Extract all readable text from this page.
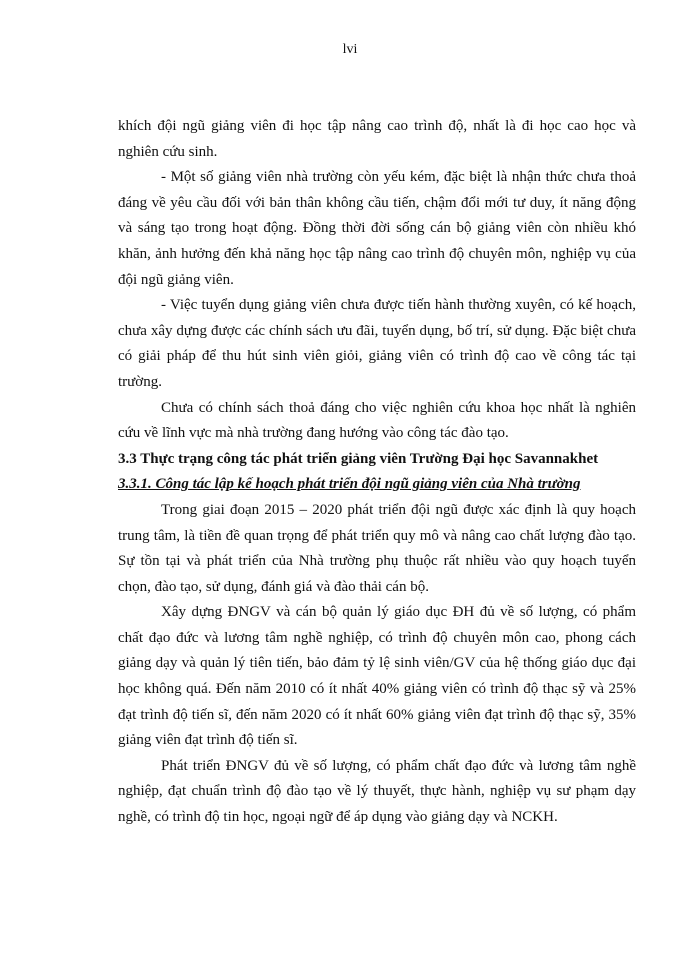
lvi

khích đội ngũ giảng viên đi học tập nâng cao trình độ, nhất là đi học cao học và nghiên cứu sinh.

- Một số giảng viên nhà trường còn yếu kém, đặc biệt là nhận thức chưa thoả đáng về yêu cầu đối với bản thân không cầu tiến, chậm đổi mới tư duy, ít năng động và sáng tạo trong hoạt động. Đồng thời đời sống cán bộ giảng viên còn nhiều khó khăn, ảnh hưởng đến khả năng học tập nâng cao trình độ chuyên môn, nghiệp vụ của đội ngũ giảng viên.

- Việc tuyển dụng giảng viên chưa được tiến hành thường xuyên, có kế hoạch, chưa xây dựng được các chính sách ưu đãi, tuyển dụng, bố trí, sử dụng. Đặc biệt chưa có giải pháp để thu hút sinh viên giỏi, giảng viên có trình độ cao về công tác tại trường.

Chưa có chính sách thoả đáng cho việc nghiên cứu khoa học nhất là nghiên cứu về lĩnh vực mà nhà trường đang hướng vào công tác đào tạo.

3.3 Thực trạng công tác phát triển giảng viên Trường Đại học Savannakhet

3.3.1. Công tác lập kế hoạch phát triển đội ngũ giảng viên của Nhà trường

Trong giai đoạn 2015 – 2020 phát triển đội ngũ được xác định là quy hoạch trung tâm, là tiền đề quan trọng để phát triển quy mô và nâng cao chất lượng đào tạo. Sự tồn tại và phát triển của Nhà trường phụ thuộc rất nhiều vào quy hoạch tuyển chọn, đào tạo, sử dụng, đánh giá và đào thải cán bộ.

Xây dựng ĐNGV và cán bộ quản lý giáo dục ĐH đủ về số lượng, có phẩm chất đạo đức và lương tâm nghề nghiệp, có trình độ chuyên môn cao, phong cách giảng dạy và quản lý tiên tiến, bảo đảm tỷ lệ sinh viên/GV của hệ thống giáo dục đại học không quá. Đến năm 2010 có ít nhất 40% giảng viên có trình độ thạc sỹ và 25% đạt trình độ tiến sĩ, đến năm 2020 có ít nhất 60% giảng viên đạt trình độ thạc sỹ, 35% giảng viên đạt trình độ tiến sĩ.

Phát triển ĐNGV đủ về số lượng, có phẩm chất đạo đức và lương tâm nghề nghiệp, đạt chuẩn trình độ đào tạo về lý thuyết, thực hành, nghiệp vụ sư phạm dạy nghề, có trình độ tin học, ngoại ngữ để áp dụng vào giảng dạy và NCKH.
